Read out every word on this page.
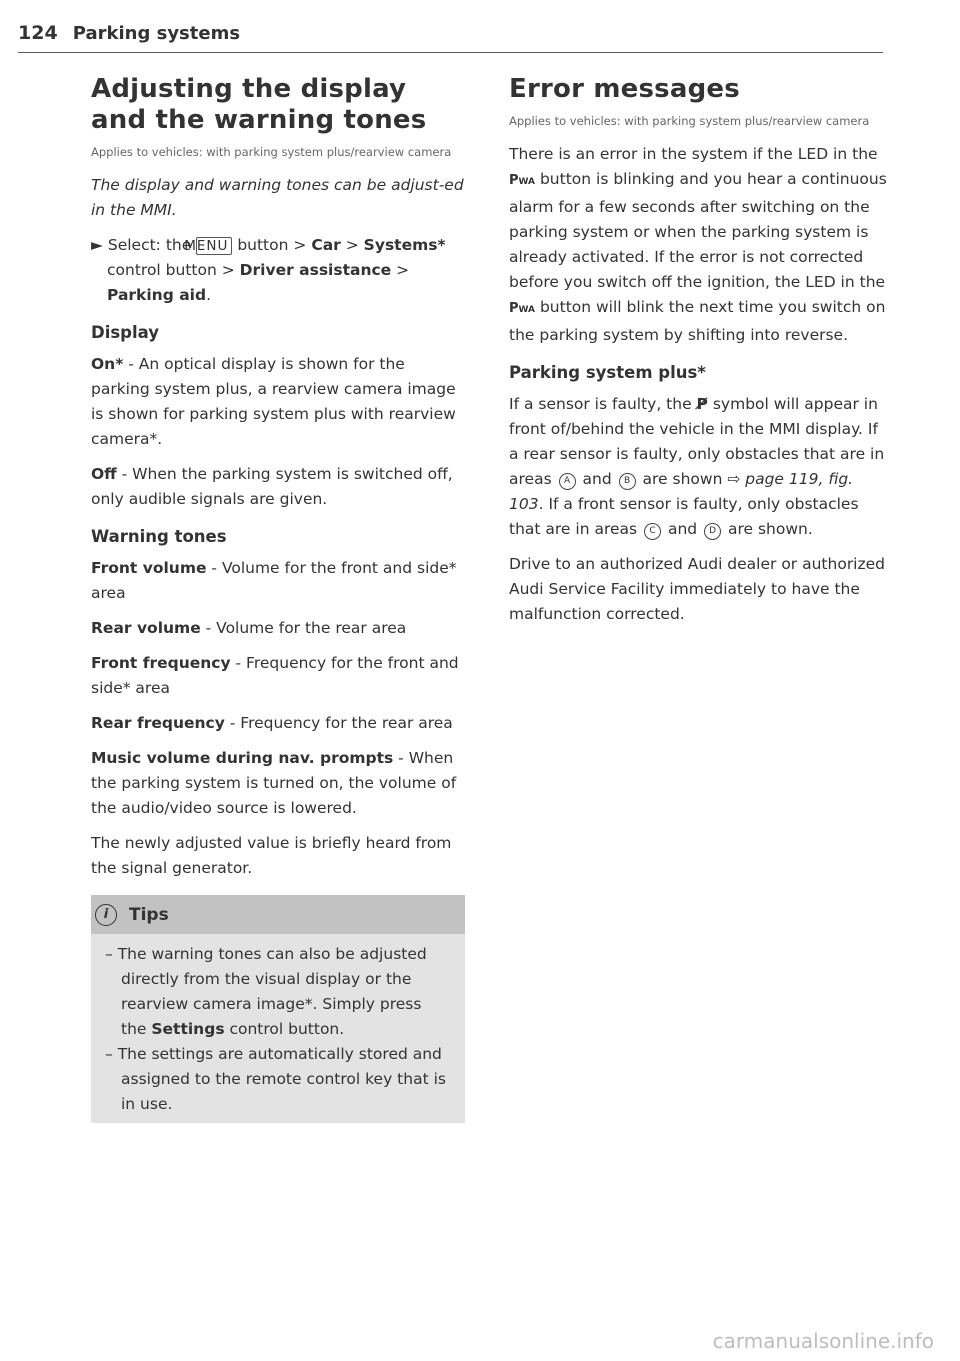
124 Parking systems
Adjusting the display and the warning tones
Applies to vehicles: with parking system plus/rearview camera

The display and warning tones can be adjust-ed in the MMI.

► Select: the MENU button > Car > Systems* control button > Driver assistance > Parking aid.

Display

On* - An optical display is shown for the parking system plus, a rearview camera image is shown for parking system plus with rearview camera*.

Off - When the parking system is switched off, only audible signals are given.

Warning tones

Front volume - Volume for the front and side* area

Rear volume - Volume for the rear area

Front frequency - Frequency for the front and side* area

Rear frequency - Frequency for the rear area

Music volume during nav. prompts - When the parking system is turned on, the volume of the audio/video source is lowered.

The newly adjusted value is briefly heard from the signal generator.

i	Tips
– The warning tones can also be adjusted directly from the visual display or the rearview camera image*. Simply press the Settings control button.
– The settings are automatically stored and assigned to the remote control key that is in use.
Error messages
Applies to vehicles: with parking system plus/rearview camera

There is an error in the system if the LED in the PWA button is blinking and you hear a continuous alarm for a few seconds after switching on the parking system or when the parking system is already activated. If the error is not corrected before you switch off the ignition, the LED in the PWA button will blink the next time you switch on the parking system by shifting into reverse.

Parking system plus*

If a sensor is faulty, the P̸ symbol will appear in front of/behind the vehicle in the MMI display. If a rear sensor is faulty, only obstacles that are in areas A and B are shown ⇨ page 119, fig. 103. If a front sensor is faulty, only obstacles that are in areas C and D are shown.

Drive to an authorized Audi dealer or authorized Audi Service Facility immediately to have the malfunction corrected.

carmanualsonline.info
